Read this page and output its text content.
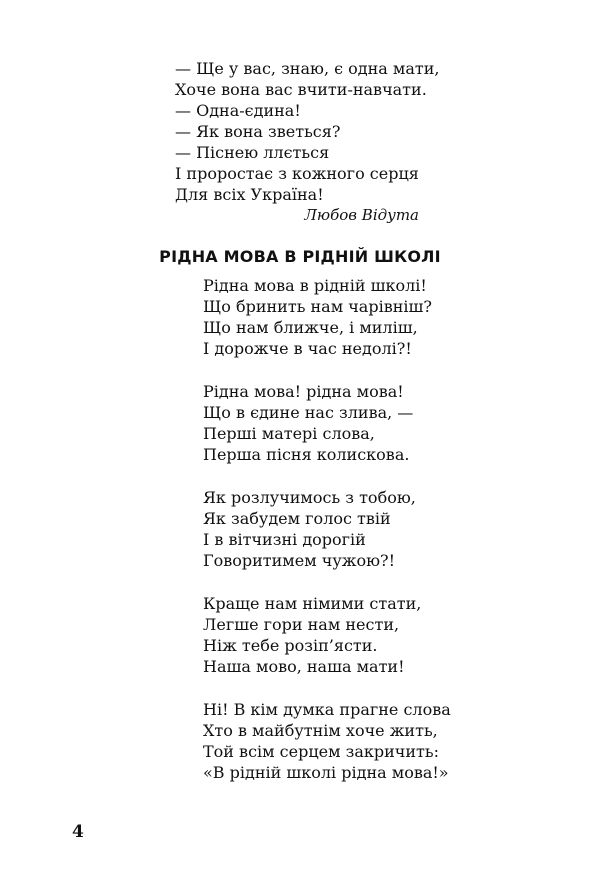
— Ще у вас, знаю, є одна мати,
Хоче вона вас вчити-навчати.
— Одна-єдина!
— Як вона зветься?
— Піснею ллється
І проростає з кожного серця
Для всіх Україна!
Любов Відута
РІДНА МОВА В РІДНІЙ ШКОЛІ
Рідна мова в рідній школі!
Що бринить нам чарівніш?
Що нам ближче, і миліш,
І дорожче в час недолі?!
Рідна мова! рідна мова!
Що в єдине нас злива, —
Перші матері слова,
Перша пісня колискова.
Як розлучимось з тобою,
Як забудем голос твій
І в вітчизні дорогій
Говоритимем чужою?!
Краще нам німими стати,
Легше гори нам нести,
Ніж тебе розіп’ясти.
Наша мово, наша мати!
Ні! В кім думка прагне слова
Хто в майбутнім хоче жить,
Той всім серцем закричить:
«В рідній школі рідна мова!»
4
